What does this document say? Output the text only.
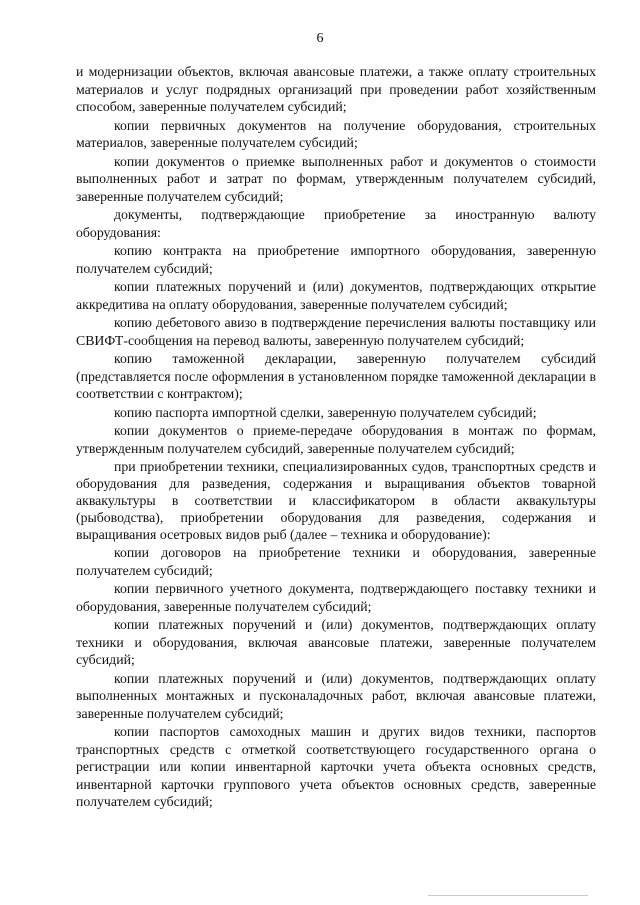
6

и модернизации объектов, включая авансовые платежи, а также оплату строительных материалов и услуг подрядных организаций при проведении работ хозяйственным способом, заверенные получателем субсидий;

копии первичных документов на получение оборудования, строительных материалов, заверенные получателем субсидий;

копии документов о приемке выполненных работ и документов о стоимости выполненных работ и затрат по формам, утвержденным получателем субсидий, заверенные получателем субсидий;

документы, подтверждающие приобретение за иностранную валюту оборудования:

копию контракта на приобретение импортного оборудования, заверенную получателем субсидий;

копии платежных поручений и (или) документов, подтверждающих открытие аккредитива на оплату оборудования, заверенные получателем субсидий;

копию дебетового авизо в подтверждение перечисления валюты поставщику или СВИФТ-сообщения на перевод валюты, заверенную получателем субсидий;

копию таможенной декларации, заверенную получателем субсидий (представляется после оформления в установленном порядке таможенной декларации в соответствии с контрактом);

копию паспорта импортной сделки, заверенную получателем субсидий;

копии документов о приеме-передаче оборудования в монтаж по формам, утвержденным получателем субсидий, заверенные получателем субсидий;

при приобретении техники, специализированных судов, транспортных средств и оборудования для разведения, содержания и выращивания объектов товарной аквакультуры в соответствии и классификатором в области аквакультуры (рыбоводства), приобретении оборудования для разведения, содержания и выращивания осетровых видов рыб (далее – техника и оборудование):

копии договоров на приобретение техники и оборудования, заверенные получателем субсидий;

копии первичного учетного документа, подтверждающего поставку техники и оборудования, заверенные получателем субсидий;

копии платежных поручений и (или) документов, подтверждающих оплату техники и оборудования, включая авансовые платежи, заверенные получателем субсидий;

копии платежных поручений и (или) документов, подтверждающих оплату выполненных монтажных и пусконаладочных работ, включая авансовые платежи, заверенные получателем субсидий;

копии паспортов самоходных машин и других видов техники, паспортов транспортных средств с отметкой соответствующего государственного органа о регистрации или копии инвентарной карточки учета объекта основных средств, инвентарной карточки группового учета объектов основных средств, заверенные получателем субсидий;
